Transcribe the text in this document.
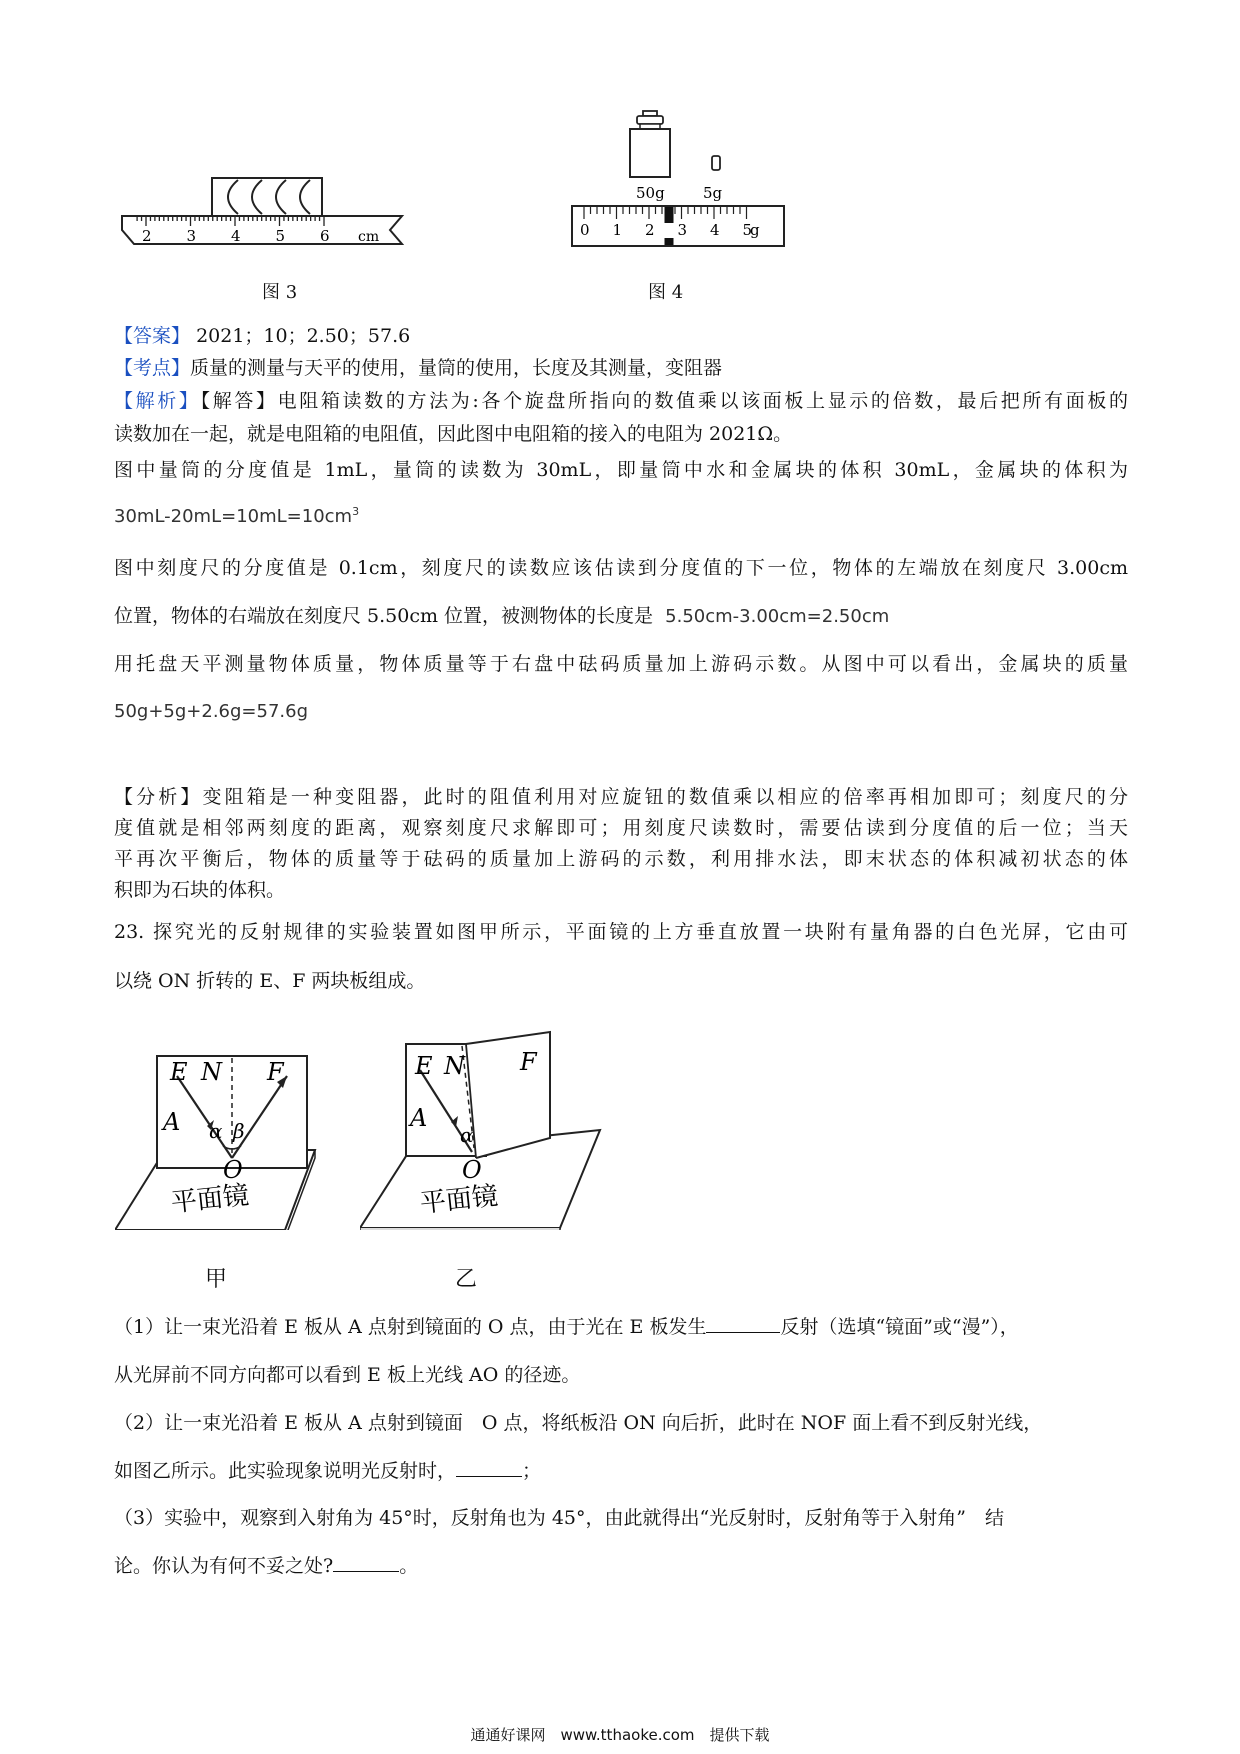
2 3 4 5 6 cm
图 3
50g	5g
0 1 2 3 4 5
g
图 4
【答案】 2021；10；2.50；57.6
【考点】质量的测量与天平的使用，量筒的使用，长度及其测量，变阻器
【解析】【解答】电阻箱读数的方法为:各个旋盘所指向的数值乘以该面板上显示的倍数，最后把所有面板的
读数加在一起，就是电阻箱的电阻值，因此图中电阻箱的接入的电阻为 2021Ω。
图中量筒的分度值是 1mL，量筒的读数为 30mL，即量筒中水和金属块的体积 30mL，金属块的体积为
$30mL-20mL=10mL=10cm^3$
图中刻度尺的分度值是 0.1cm，刻度尺的读数应该估读到分度值的下一位，物体的左端放在刻度尺 3.00cm
位置，物体的右端放在刻度尺 5.50cm 位置，被测物体的长度是 5.50cm-3.00cm=2.50cm
用托盘天平测量物体质量，物体质量等于右盘中砝码质量加上游码示数。从图中可以看出，金属块的质量
50g+5g+2.6g=57.6g
【分析】变阻箱是一种变阻器，此时的阻值利用对应旋钮的数值乘以相应的倍率再相加即可；刻度尺的分
度值就是相邻两刻度的距离，观察刻度尺求解即可；用刻度尺读数时，需要估读到分度值的后一位；当天
平再次平衡后，物体的质量等于砝码的质量加上游码的示数，利用排水法，即末状态的体积减初状态的体
积即为石块的体积。
23. 探究光的反射规律的实验装置如图甲所示，平面镜的上方垂直放置一块附有量角器的白色光屏，它由可
以绕 ON 折转的 E、F 两块板组成。
E N F
A α β
O
平面镜
甲
E N F
A
α
O
平面镜
乙
（1）让一束光沿着 E 板从 A 点射到镜面的 O 点，由于光在 E 板发生	反射（选填“镜面”或“漫”），
从光屏前不同方向都可以看到 E 板上光线 AO 的径迹。
（2）让一束光沿着 E 板从 A 点射到镜面　O 点，将纸板沿 ON 向后折，此时在 NOF 面上看不到反射光线，
如图乙所示。此实验现象说明光反射时，	；
（3）实验中，观察到入射角为 45°时，反射角也为 45°，由此就得出“光反射时，反射角等于入射角”　结
论。你认为有何不妥之处?	。
通通好课网　www.tthaoke.com　提供下载
